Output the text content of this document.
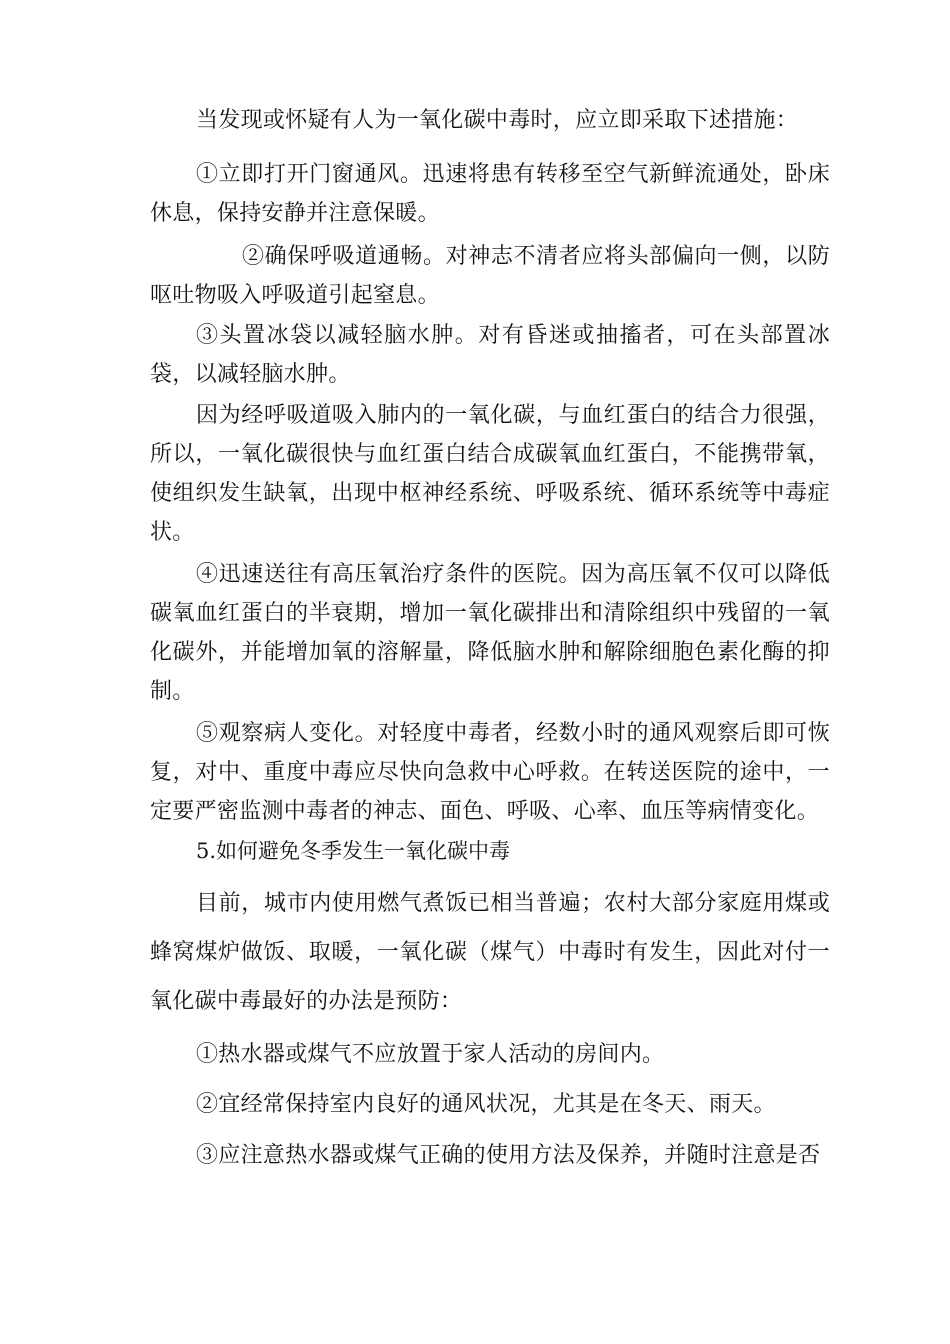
当发现或怀疑有人为一氧化碳中毒时，应立即采取下述措施：

①立即打开门窗通风。迅速将患有转移至空气新鲜流通处，卧床休息，保持安静并注意保暖。

②确保呼吸道通畅。对神志不清者应将头部偏向一侧，以防呕吐物吸入呼吸道引起窒息。

③头置冰袋以减轻脑水肿。对有昏迷或抽搐者，可在头部置冰袋，以减轻脑水肿。

因为经呼吸道吸入肺内的一氧化碳，与血红蛋白的结合力很强，所以，一氧化碳很快与血红蛋白结合成碳氧血红蛋白，不能携带氧，使组织发生缺氧，出现中枢神经系统、呼吸系统、循环系统等中毒症状。

④迅速送往有高压氧治疗条件的医院。因为高压氧不仅可以降低碳氧血红蛋白的半衰期，增加一氧化碳排出和清除组织中残留的一氧化碳外，并能增加氧的溶解量，降低脑水肿和解除细胞色素化酶的抑制。

⑤观察病人变化。对轻度中毒者，经数小时的通风观察后即可恢复，对中、重度中毒应尽快向急救中心呼救。在转送医院的途中，一定要严密监测中毒者的神志、面色、呼吸、心率、血压等病情变化。

5.如何避免冬季发生一氧化碳中毒

目前，城市内使用燃气煮饭已相当普遍；农村大部分家庭用煤或蜂窝煤炉做饭、取暖，一氧化碳（煤气）中毒时有发生，因此对付一氧化碳中毒最好的办法是预防：

①热水器或煤气不应放置于家人活动的房间内。

②宜经常保持室内良好的通风状况，尤其是在冬天、雨天。

③应注意热水器或煤气正确的使用方法及保养，并随时注意是否
